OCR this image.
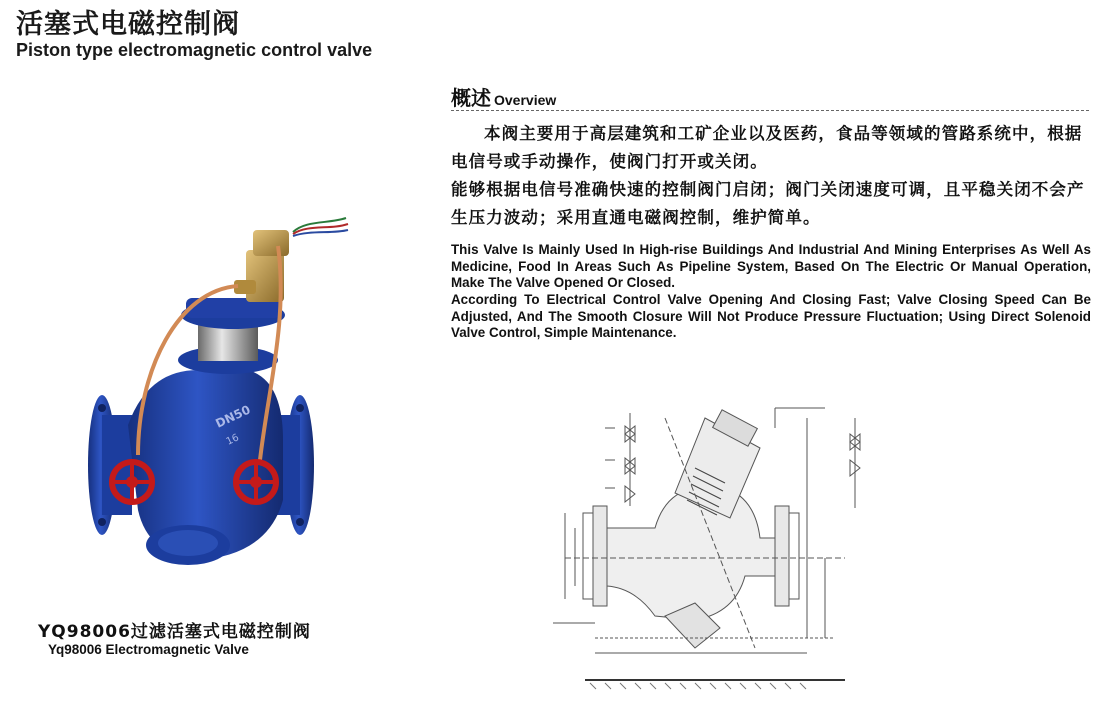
活塞式电磁控制阀
Piston type electromagnetic control valve
概述 Overview

本阀主要用于高层建筑和工矿企业以及医药，食品等领域的管路系统中，根据电信号或手动操作，使阀门打开或关闭。

能够根据电信号准确快速的控制阀门启闭；阀门关闭速度可调，且平稳关闭不会产生压力波动；采用直通电磁阀控制，维护简单。

This Valve Is Mainly Used In High-rise Buildings And Industrial And Mining Enterprises As Well As Medicine, Food In Areas Such As Pipeline System, Based On The Electric Or Manual Operation, Make The Valve Opened Or Closed.

According To Electrical Control Valve Opening And Closing Fast; Valve Closing Speed Can Be Adjusted, And The Smooth Closure Will Not Produce Pressure Fluctuation; Using Direct Solenoid Valve Control, Simple Maintenance.

DN50
16
YQ98006过滤活塞式电磁控制阀
Yq98006 Electromagnetic Valve
